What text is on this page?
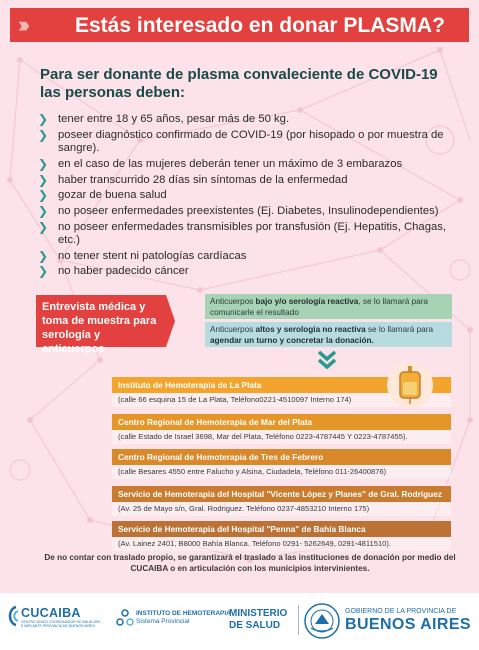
››› Estás interesado en donar PLASMA?
Para ser donante de plasma convaleciente de COVID-19 las personas deben:
❯ tener entre 18 y 65 años, pesar más de 50 kg.
❯ poseer diagnóstico confirmado de COVID-19 (por hisopado o por muestra de sangre).
❯ en el caso de las mujeres deberán tener un máximo de 3 embarazos
❯ haber transcurrido 28 días sin síntomas de la enfermedad
❯ gozar de buena salud
❯ no poseer enfermedades preexistentes (Ej. Diabetes, Insulinodependientes)
❯ no poseer enfermedades transmisibles por transfusión (Ej. Hepatitis, Chagas, etc.)
❯ no tener stent ni patologías cardíacas
❯ no haber padecido cáncer
Entrevista médica y toma de muestra para serología y anticuerpos
Anticuerpos bajo y/o serología reactiva, se lo llamará para comunicarle el resultado
Anticuerpos altos y serología no reactiva se lo llamará para agendar un turno y concretar la donación.
Instituto de Hemoterapia de La Plata
(calle 66 esquina 15 de La Plata, Teléfono0221-4510097 Interno 174)
Centro Regional de Hemoterapia de Mar del Plata
(calle Estado de Israel 3698, Mar del Plata, Teléfono 0223-4787445 Y 0223-4787455).
Centro Regional de Hemoterapia de Tres de Febrero
(calle Besares 4550 entre Falucho y Alsina, Ciudadela, Teléfono 011-26400876)
Servicio de Hemoterapia del Hospital "Vicente López y Planes" de Gral. Rodríguez
(Av. 25 de Mayo s/n, Gral. Rodriguez. Teléfono 0237-4853210 Interno 175)
Servicio de Hemoterapia del Hospital "Penna" de Bahía Blanca
(Av. Lainez 2401, B8000 Bahía Blanca. Teléfono 0291- 5262649, 0291-4811510).
De no contar con traslado propio, se garantizará el traslado a las instituciones de donación por medio del CUCAIBA o en articulación con los municipios intervinientes.
CUCAIBA
CENTRO ÚNICO COORDINADOR DE ABLACIÓN E IMPLANTE PROVINCIA DE BUENOS AIRES
INSTITUTO DE HEMOTERAPIA
Sistema Provincial
MINISTERIO
DE SALUD
GOBIERNO DE LA PROVINCIA DE
BUENOS AIRES
